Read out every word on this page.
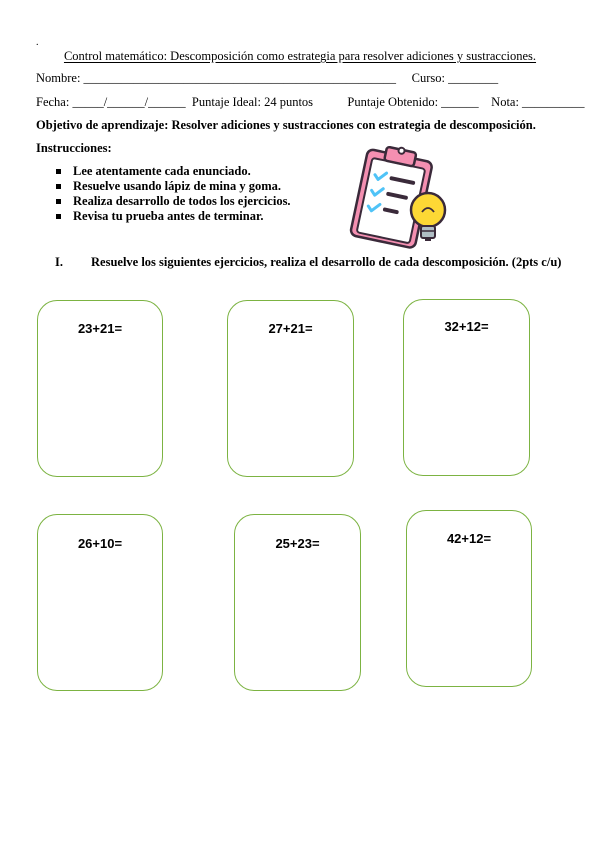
.
Control matemático: Descomposición como estrategia para resolver adiciones y sustracciones.
Nombre: __________________________________________________     Curso: ________
Fecha: _____/______/______  Puntaje Ideal: 24 puntos           Puntaje Obtenido: ______    Nota: __________
Objetivo de aprendizaje: Resolver adiciones y sustracciones con estrategia de descomposición.
Instrucciones:
Lee atentamente cada enunciado.
Resuelve usando lápiz de mina y goma.
Realiza desarrollo de todos los ejercicios.
Revisa tu prueba antes de terminar.
I. Resuelve los siguientes ejercicios, realiza el desarrollo de cada descomposición. (2pts c/u)
23+21=	27+21=	32+12=
26+10=	25+23=	42+12=
